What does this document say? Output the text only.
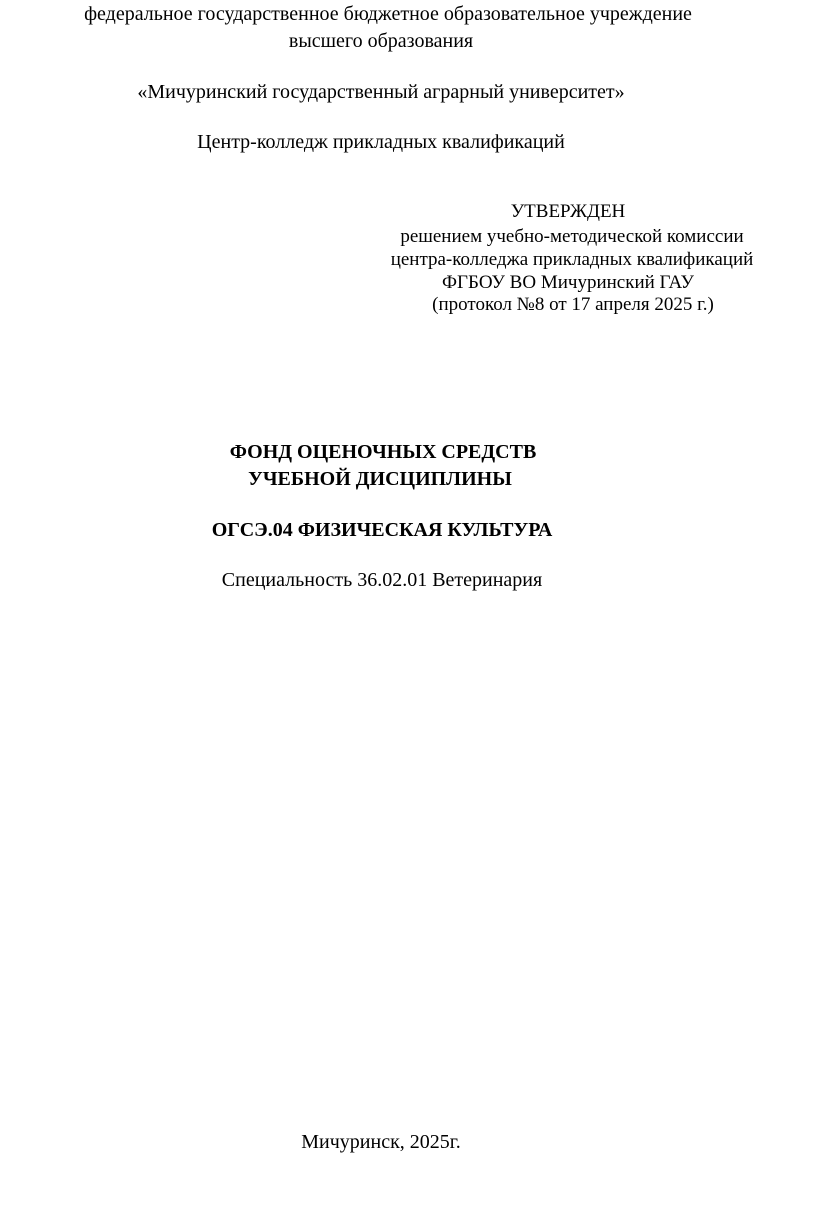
федеральное государственное бюджетное образовательное учреждение
высшего образования
«Мичуринский государственный аграрный университет»
Центр-колледж прикладных квалификаций
УТВЕРЖДЕН
решением учебно-методической комиссии
центра-колледжа прикладных квалификаций
ФГБОУ ВО Мичуринский ГАУ
(протокол №8 от 17 апреля 2025 г.)
ФОНД ОЦЕНОЧНЫХ СРЕДСТВ
УЧЕБНОЙ ДИСЦИПЛИНЫ
ОГСЭ.04 ФИЗИЧЕСКАЯ КУЛЬТУРА
Специальность 36.02.01 Ветеринария
Мичуринск, 2025г.
